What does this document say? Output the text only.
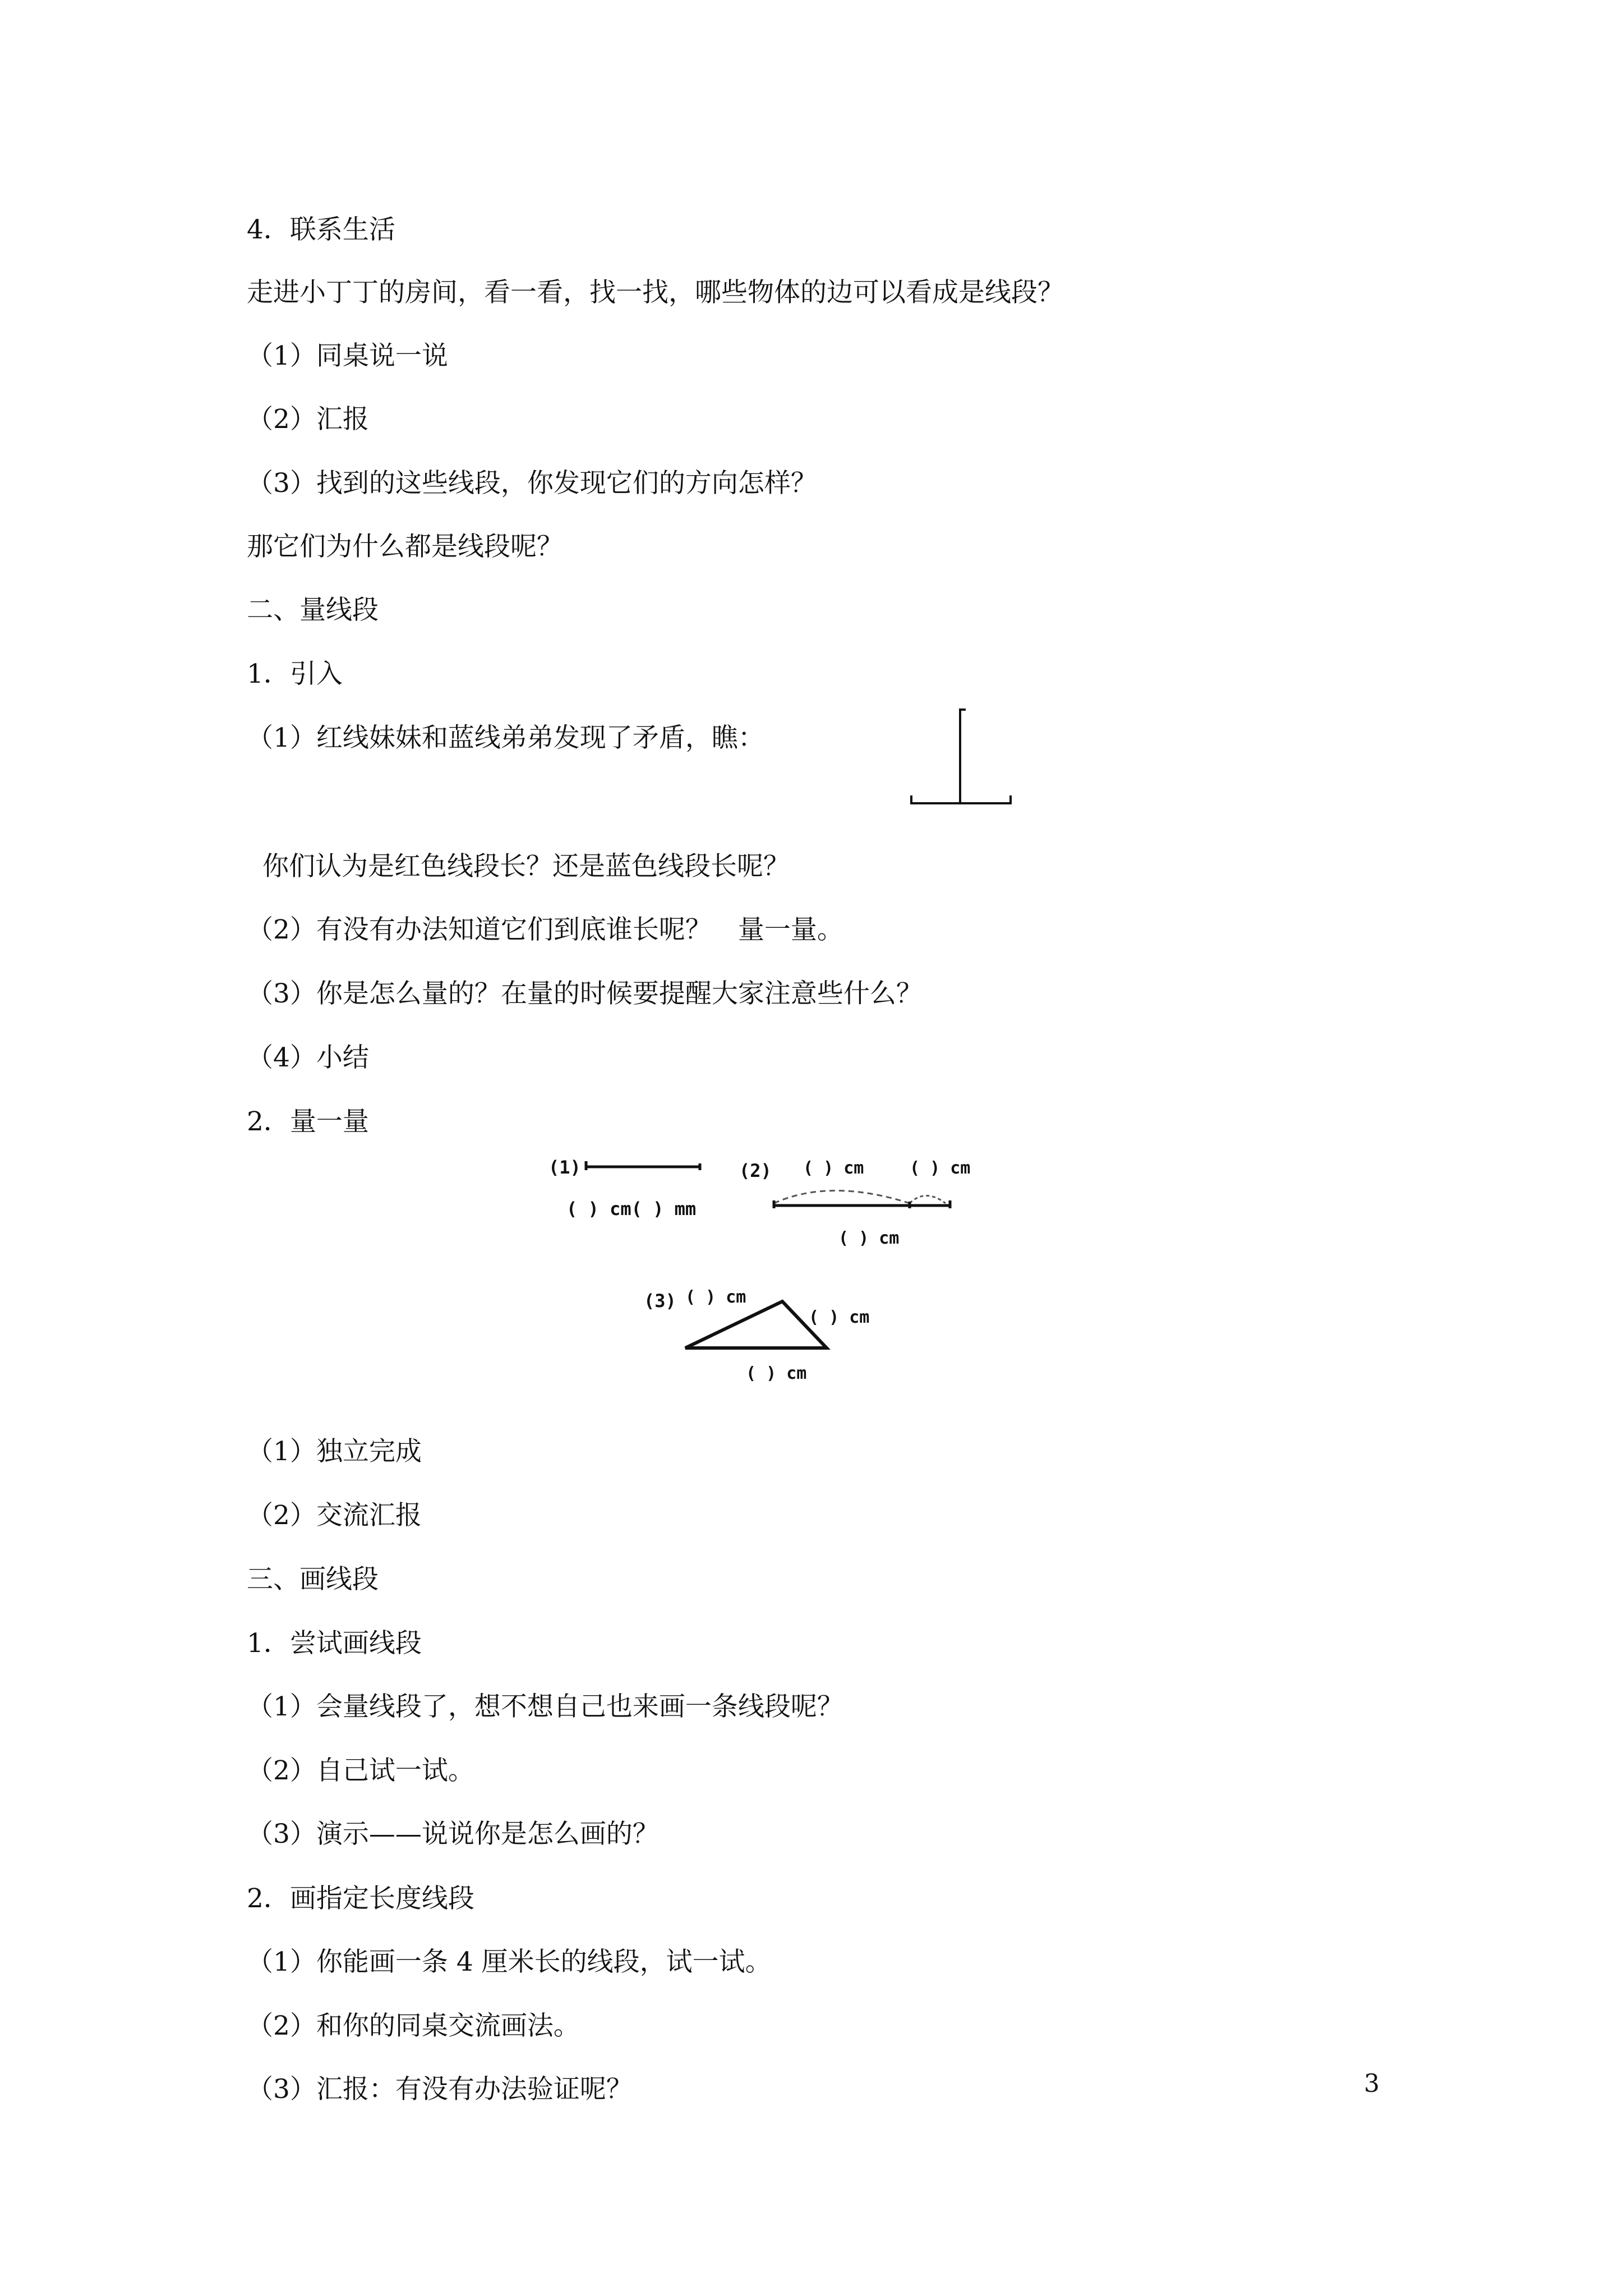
4．联系生活
走进小丁丁的房间，看一看，找一找，哪些物体的边可以看成是线段？
（1）同桌说一说
（2）汇报
（3）找到的这些线段，你发现它们的方向怎样？
那它们为什么都是线段呢？
二、量线段
1．引入
（1）红线妹妹和蓝线弟弟发现了矛盾，瞧：
你们认为是红色线段长？还是蓝色线段长呢？
（2）有没有办法知道它们到底谁长呢？　量一量。
（3）你是怎么量的？在量的时候要提醒大家注意些什么？
（4）小结
2．量一量
（1）独立完成
（2）交流汇报
三、画线段
1．尝试画线段
（1）会量线段了，想不想自己也来画一条线段呢？
（2）自己试一试。
（3）演示——说说你是怎么画的？
2．画指定长度线段
（1）你能画一条 4 厘米长的线段，试一试。
（2）和你的同桌交流画法。
（3）汇报：有没有办法验证呢？
(1)
( ) cm( ) mm
(2) ( ) cm	( ) cm
( ) cm
(3) ( ) cm
( ) cm
( ) cm
3
